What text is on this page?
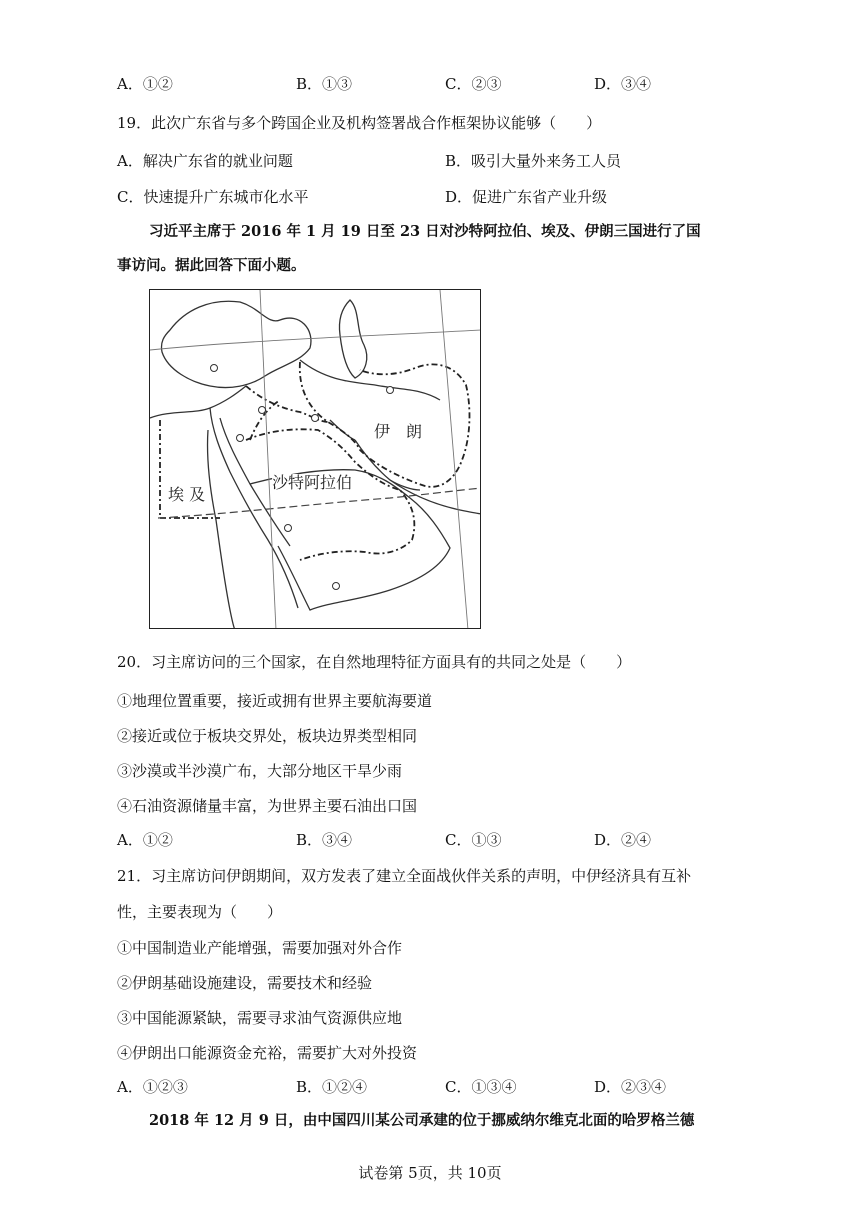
A．①②	B．①③	C．②③	D．③④
19．此次广东省与多个跨国企业及机构签署战合作框架协议能够（　　）
A．解决广东省的就业问题	B．吸引大量外来务工人员
C．快速提升广东城市化水平	D．促进广东省产业升级
习近平主席于 2016 年 1 月 19 日至 23 日对沙特阿拉伯、埃及、伊朗三国进行了国
事访问。据此回答下面小题。
伊　朗
沙特阿拉伯
埃 及
20．习主席访问的三个国家，在自然地理特征方面具有的共同之处是（　　）
①地理位置重要，接近或拥有世界主要航海要道
②接近或位于板块交界处，板块边界类型相同
③沙漠或半沙漠广布，大部分地区干旱少雨
④石油资源储量丰富，为世界主要石油出口国
A．①②	B．③④	C．①③	D．②④
21．习主席访问伊朗期间，双方发表了建立全面战伙伴关系的声明，中伊经济具有互补
性，主要表现为（　　）
①中国制造业产能增强，需要加强对外合作
②伊朗基础设施建设，需要技术和经验
③中国能源紧缺，需要寻求油气资源供应地
④伊朗出口能源资金充裕，需要扩大对外投资
A．①②③	B．①②④	C．①③④	D．②③④
2018 年 12 月 9 日，由中国四川某公司承建的位于挪威纳尔维克北面的哈罗格兰德
试卷第 5页，共 10页
